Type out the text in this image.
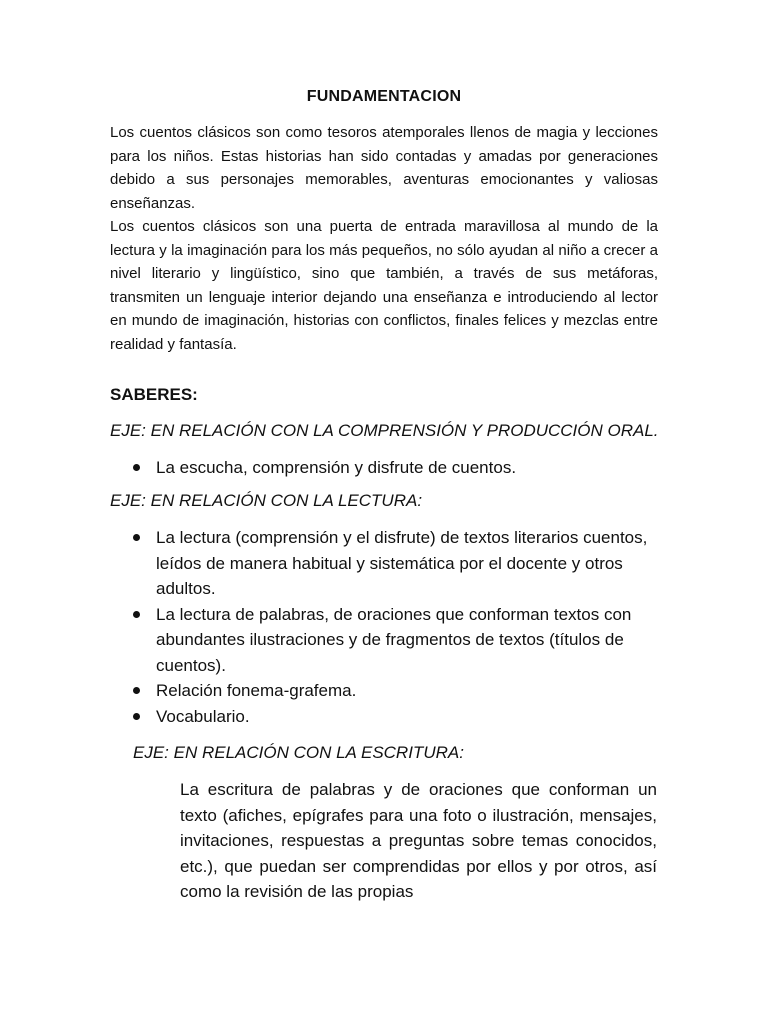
FUNDAMENTACION

Los cuentos clásicos son como tesoros atemporales llenos de magia y lecciones para los niños. Estas historias han sido contadas y amadas por generaciones debido a sus personajes memorables, aventuras emocionantes y valiosas enseñanzas.

Los cuentos clásicos son una puerta de entrada maravillosa al mundo de la lectura y la imaginación para los más pequeños, no sólo ayudan al niño a crecer a nivel literario y lingüístico, sino que también, a través de sus metáforas, transmiten un lenguaje interior dejando una enseñanza e introduciendo al lector en mundo de imaginación, historias con conflictos, finales felices y mezclas entre realidad y fantasía.

SABERES:
EJE: EN RELACIÓN CON LA COMPRENSIÓN Y PRODUCCIÓN ORAL.
La escucha, comprensión y disfrute de cuentos.
EJE: EN RELACIÓN CON LA LECTURA:
La lectura (comprensión y el disfrute) de textos literarios cuentos, leídos de manera habitual y sistemática por el docente y otros adultos.
La lectura de palabras, de oraciones que conforman textos con abundantes ilustraciones y de fragmentos de textos (títulos de cuentos).
Relación fonema-grafema.
Vocabulario.
EJE: EN RELACIÓN CON LA ESCRITURA:
La escritura de palabras y de oraciones que conforman un texto (afiches, epígrafes para una foto o ilustración, mensajes, invitaciones, respuestas a preguntas sobre temas conocidos, etc.), que puedan ser comprendidas por ellos y por otros, así como la revisión de las propias
